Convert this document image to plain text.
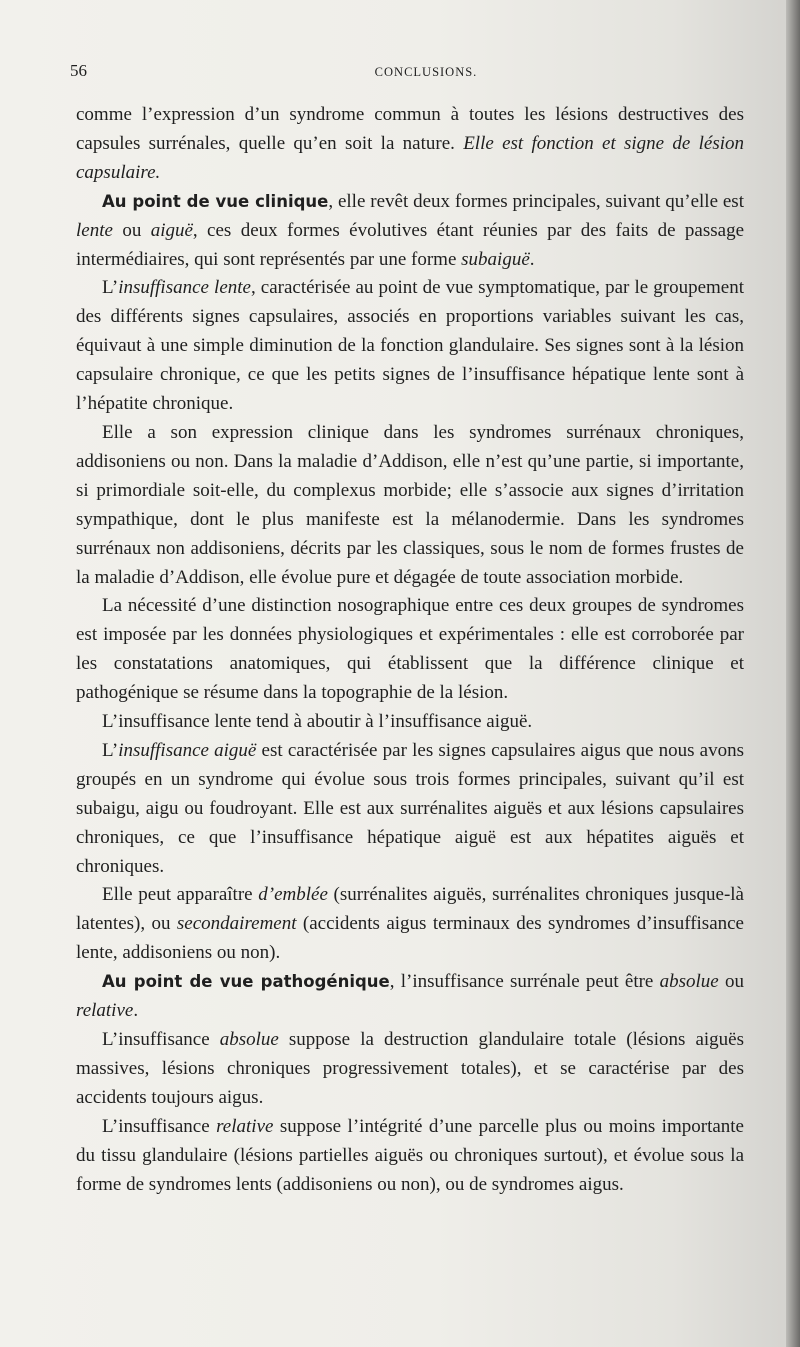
56	CONCLUSIONS.

comme l’expression d’un syndrome commun à toutes les lésions destructives des capsules surrénales, quelle qu’en soit la nature. Elle est fonction et signe de lésion capsulaire.

Au point de vue clinique, elle revêt deux formes principales, suivant qu’elle est lente ou aiguë, ces deux formes évolutives étant réunies par des faits de passage intermédiaires, qui sont représentés par une forme subaiguë.

L’insuffisance lente, caractérisée au point de vue symptomatique, par le groupement des différents signes capsulaires, associés en proportions variables suivant les cas, équivaut à une simple diminution de la fonction glandulaire. Ses signes sont à la lésion capsulaire chronique, ce que les petits signes de l’insuffisance hépatique lente sont à l’hépatite chronique.

Elle a son expression clinique dans les syndromes surrénaux chroniques, addisoniens ou non. Dans la maladie d’Addison, elle n’est qu’une partie, si importante, si primordiale soit-elle, du complexus morbide; elle s’associe aux signes d’irritation sympathique, dont le plus manifeste est la mélanodermie. Dans les syndromes surrénaux non addisoniens, décrits par les classiques, sous le nom de formes frustes de la maladie d’Addison, elle évolue pure et dégagée de toute association morbide.

La nécessité d’une distinction nosographique entre ces deux groupes de syndromes est imposée par les données physiologiques et expérimentales : elle est corroborée par les constatations anatomiques, qui établissent que la différence clinique et pathogénique se résume dans la topographie de la lésion.

L’insuffisance lente tend à aboutir à l’insuffisance aiguë.

L’insuffisance aiguë est caractérisée par les signes capsulaires aigus que nous avons groupés en un syndrome qui évolue sous trois formes principales, suivant qu’il est subaigu, aigu ou foudroyant. Elle est aux surrénalites aiguës et aux lésions capsulaires chroniques, ce que l’insuffisance hépatique aiguë est aux hépatites aiguës et chroniques.

Elle peut apparaître d’emblée (surrénalites aiguës, surrénalites chroniques jusque-là latentes), ou secondairement (accidents aigus terminaux des syndromes d’insuffisance lente, addisoniens ou non).

Au point de vue pathogénique, l’insuffisance surrénale peut être absolue ou relative.

L’insuffisance absolue suppose la destruction glandulaire totale (lésions aiguës massives, lésions chroniques progressivement totales), et se caractérise par des accidents toujours aigus.

L’insuffisance relative suppose l’intégrité d’une parcelle plus ou moins importante du tissu glandulaire (lésions partielles aiguës ou chroniques surtout), et évolue sous la forme de syndromes lents (addisoniens ou non), ou de syndromes aigus.
